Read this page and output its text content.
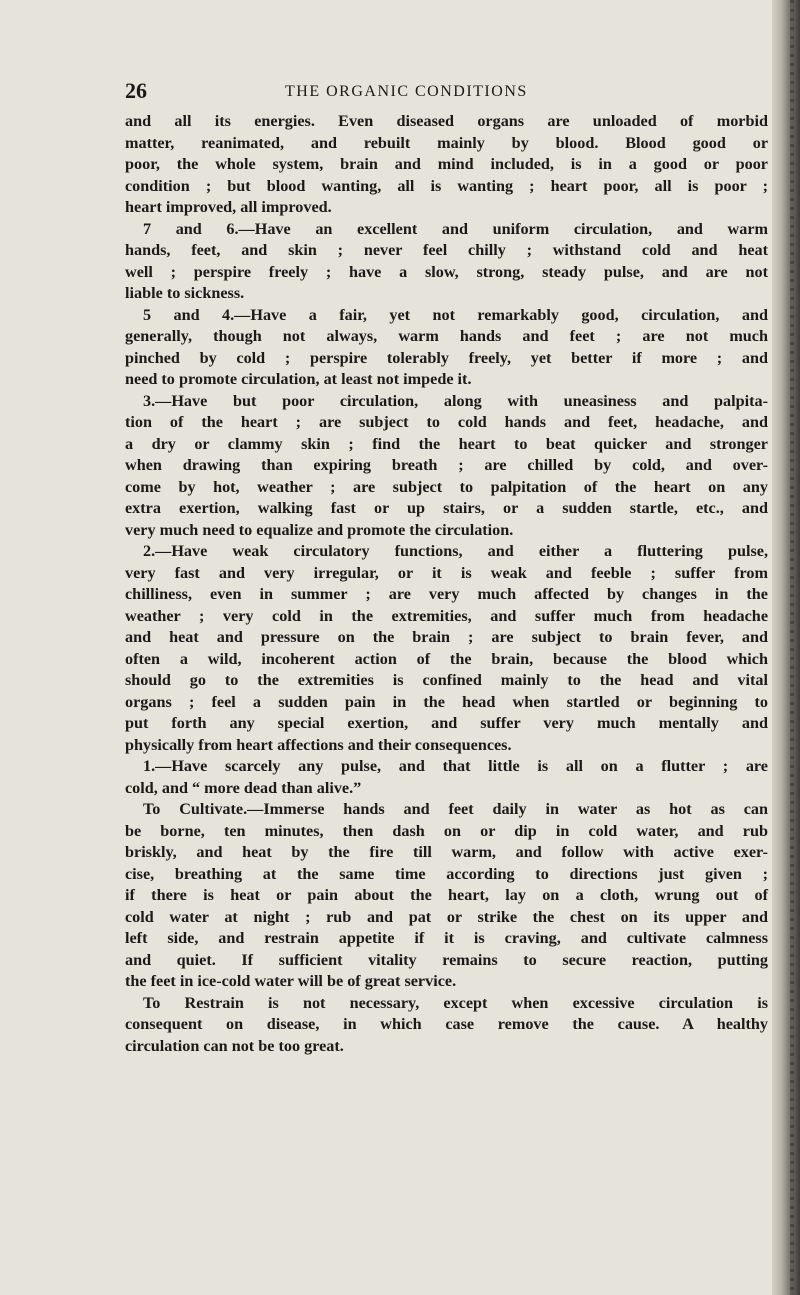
26	THE ORGANIC CONDITIONS
and all its energies. Even diseased organs are unloaded of morbid
matter, reanimated, and rebuilt mainly by blood. Blood good or
poor, the whole system, brain and mind included, is in a good or poor
condition ; but blood wanting, all is wanting ; heart poor, all is poor ;
heart improved, all improved.
7 and 6.—Have an excellent and uniform circulation, and warm
hands, feet, and skin ; never feel chilly ; withstand cold and heat
well ; perspire freely ; have a slow, strong, steady pulse, and are not
liable to sickness.
5 and 4.—Have a fair, yet not remarkably good, circulation, and
generally, though not always, warm hands and feet ; are not much
pinched by cold ; perspire tolerably freely, yet better if more ; and
need to promote circulation, at least not impede it.
3.—Have but poor circulation, along with uneasiness and palpita-
tion of the heart ; are subject to cold hands and feet, headache, and
a dry or clammy skin ; find the heart to beat quicker and stronger
when drawing than expiring breath ; are chilled by cold, and over-
come by hot, weather ; are subject to palpitation of the heart on any
extra exertion, walking fast or up stairs, or a sudden startle, etc., and
very much need to equalize and promote the circulation.
2.—Have weak circulatory functions, and either a fluttering pulse,
very fast and very irregular, or it is weak and feeble ; suffer from
chilliness, even in summer ; are very much affected by changes in the
weather ; very cold in the extremities, and suffer much from headache
and heat and pressure on the brain ; are subject to brain fever, and
often a wild, incoherent action of the brain, because the blood which
should go to the extremities is confined mainly to the head and vital
organs ; feel a sudden pain in the head when startled or beginning to
put forth any special exertion, and suffer very much mentally and
physically from heart affections and their consequences.
1.—Have scarcely any pulse, and that little is all on a flutter ; are
cold, and “ more dead than alive.”
To Cultivate.—Immerse hands and feet daily in water as hot as can
be borne, ten minutes, then dash on or dip in cold water, and rub
briskly, and heat by the fire till warm, and follow with active exer-
cise, breathing at the same time according to directions just given ;
if there is heat or pain about the heart, lay on a cloth, wrung out of
cold water at night ; rub and pat or strike the chest on its upper and
left side, and restrain appetite if it is craving, and cultivate calmness
and quiet. If sufficient vitality remains to secure reaction, putting
the feet in ice-cold water will be of great service.
To Restrain is not necessary, except when excessive circulation is
consequent on disease, in which case remove the cause. A healthy
circulation can not be too great.
